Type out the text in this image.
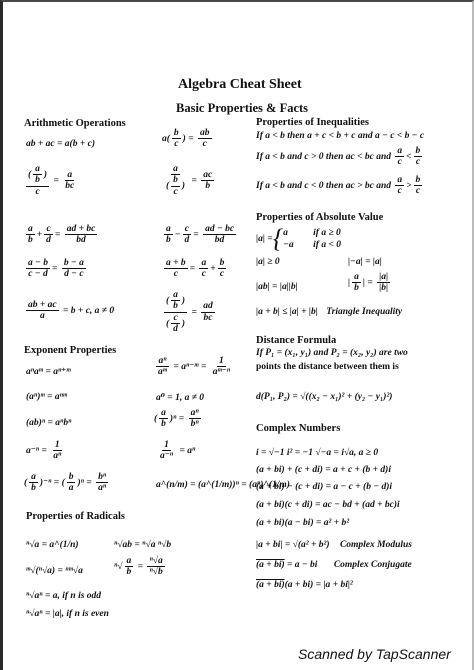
Algebra Cheat Sheet
Basic Properties & Facts
Arithmetic Operations
ab + ac = a(b + c)	$a( \frac{b}{c}$ ) = $\frac{ab}{c}$
$\frac{( \frac{a}{b} )}{c} = \frac{a}{bc}$	$\frac{a}{( \frac{b}{c} )} = \frac{ac}{b}$
$\frac{a}{b} + \frac{c}{d} = \frac{ad + bc}{bd}$	$\frac{a}{b} - \frac{c}{d} = \frac{ad - bc}{bd}$
$\frac{a - b}{c - d} = \frac{b - a}{d - c}$	$\frac{a + b}{c} = \frac{a}{c} + \frac{b}{c}$
$\frac{ab + ac}{a} = b + c$, a ≠ 0	$\frac{( \frac{a}{b} )}{( \frac{c}{d} )} = \frac{ad}{bc}$
Exponent Properties
aⁿaᵐ = aⁿ⁺ᵐ	$\frac{\text{aⁿ}}{\text{aᵐ}}$ = aⁿ⁻ᵐ = $\frac{1}{\text{aᵐ⁻ⁿ}}$
(aⁿ)ᵐ = aⁿᵐ	a⁰ = 1, a ≠ 0
(ab)ⁿ = aⁿbⁿ	( $\frac{a}{b} )^n = \frac{\text{aⁿ}}{\text{bⁿ}}$
$a^{-n} = \frac{1}{\text{aⁿ}}$	$\frac{1}{\text{a⁻ⁿ}} = a^n$
( $\frac{a}{b} )^{-n}$ = ( $\frac{b}{a} )^n = \frac{\text{bⁿ}}{\text{aⁿ}}$	a^(n/m) = (a^(1/m))ⁿ = (aⁿ)^(1/m)
Properties of Radicals
ⁿ√a = a^(1/n)	ⁿ√ab = ⁿ√a ⁿ√b
ᵐ√(ⁿ√a) = ⁿᵐ√a	$^n√ \frac{a}{b} = \frac{\text{ⁿ√a}}{\text{ⁿ√b}}$
ⁿ√aⁿ = a, if n is odd
ⁿ√aⁿ = |a|, if n is even
Properties of Inequalities
If a < b then a + c < b + c and a − c < b − c
If a < b and c > 0 then ac < bc and $\frac{a}{c} < \frac{b}{c}$
If a < b and c < 0 then ac > bc and $\frac{a}{c} > \frac{b}{c}$
Properties of Absolute Value
|a| = { a	if a ≥ 0
−a if a < 0
|a| ≥ 0	|−a| = |a|
|ab| = |a||b|	| $\frac{a}{b}$ | = $\frac{|a|}{|b|}$
|a + b| ≤ |a| + |b| Triangle Inequality
Distance Formula
If P₁ = (x₁, y₁) and P₂ = (x₂, y₂) are two
points the distance between them is
d(P₁, P₂) = √((x₂ − x₁)² + (y₂ − y₁)²)
Complex Numbers
i = √−1 i² = −1 √−a = i√a, a ≥ 0
(a + bi) + (c + di) = a + c + (b + d)i
(a + bi) − (c + di) = a − c + (b − d)i
(a + bi)(c + di) = ac − bd + (ad + bc)i
(a + bi)(a − bi) = a² + b²
|a + bi| = √(a² + b²) Complex Modulus
(a + bi) = a − bi Complex Conjugate
(a + bi)(a + bi) = |a + bi|²
Scanned by TapScanner
